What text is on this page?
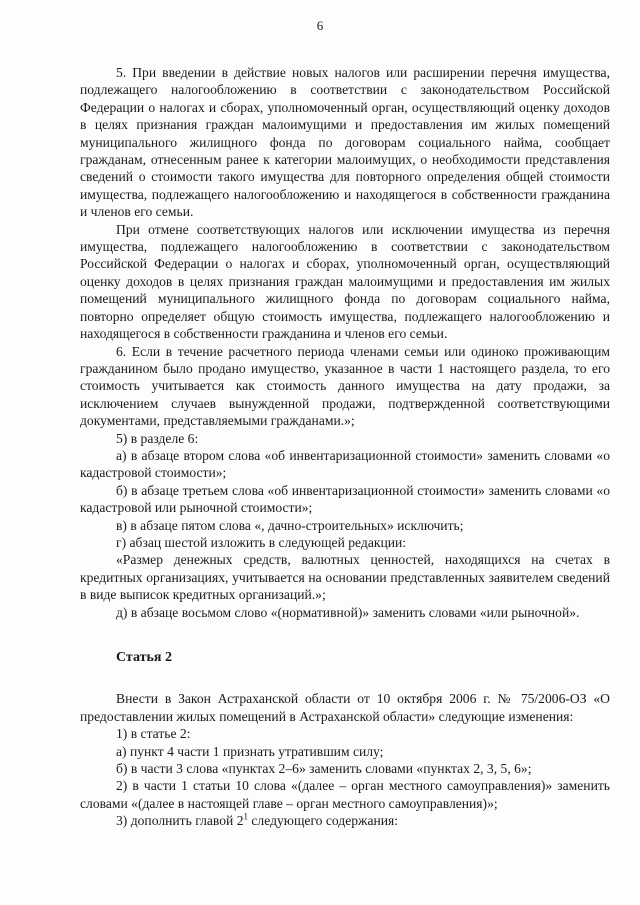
6

5. При введении в действие новых налогов или расширении перечня имущества, подлежащего налогообложению в соответствии с законодательством Российской Федерации о налогах и сборах, уполномоченный орган, осуществляющий оценку доходов в целях признания граждан малоимущими и предоставления им жилых помещений муниципального жилищного фонда по договорам социального найма, сообщает гражданам, отнесенным ранее к категории малоимущих, о необходимости представления сведений о стоимости такого имущества для повторного определения общей стоимости имущества, подлежащего налогообложению и находящегося в собственности гражданина и членов его семьи.

При отмене соответствующих налогов или исключении имущества из перечня имущества, подлежащего налогообложению в соответствии с законодательством Российской Федерации о налогах и сборах, уполномоченный орган, осуществляющий оценку доходов в целях признания граждан малоимущими и предоставления им жилых помещений муниципального жилищного фонда по договорам социального найма, повторно определяет общую стоимость имущества, подлежащего налогообложению и находящегося в собственности гражданина и членов его семьи.

6. Если в течение расчетного периода членами семьи или одиноко проживающим гражданином было продано имущество, указанное в части 1 настоящего раздела, то его стоимость учитывается как стоимость данного имущества на дату продажи, за исключением случаев вынужденной продажи, подтвержденной соответствующими документами, представляемыми гражданами.»;

5) в разделе 6:

а) в абзаце втором слова «об инвентаризационной стоимости» заменить словами «о кадастровой стоимости»;

б) в абзаце третьем слова «об инвентаризационной стоимости» заменить словами «о кадастровой или рыночной стоимости»;

в) в абзаце пятом слова «, дачно-строительных» исключить;

г) абзац шестой изложить в следующей редакции:

«Размер денежных средств, валютных ценностей, находящихся на счетах в кредитных организациях, учитывается на основании представленных заявителем сведений в виде выписок кредитных организаций.»;

д) в абзаце восьмом слово «(нормативной)» заменить словами «или рыночной».

Статья 2

Внести в Закон Астраханской области от 10 октября 2006 г. № 75/2006-ОЗ «О предоставлении жилых помещений в Астраханской области» следующие изменения:

1) в статье 2:

а) пункт 4 части 1 признать утратившим силу;

б) в части 3 слова «пунктах 2–6» заменить словами «пунктах 2, 3, 5, 6»;

2) в части 1 статьи 10 слова «(далее – орган местного самоуправления)» заменить словами «(далее в настоящей главе – орган местного самоуправления)»;

3) дополнить главой $2^1$ следующего содержания:
